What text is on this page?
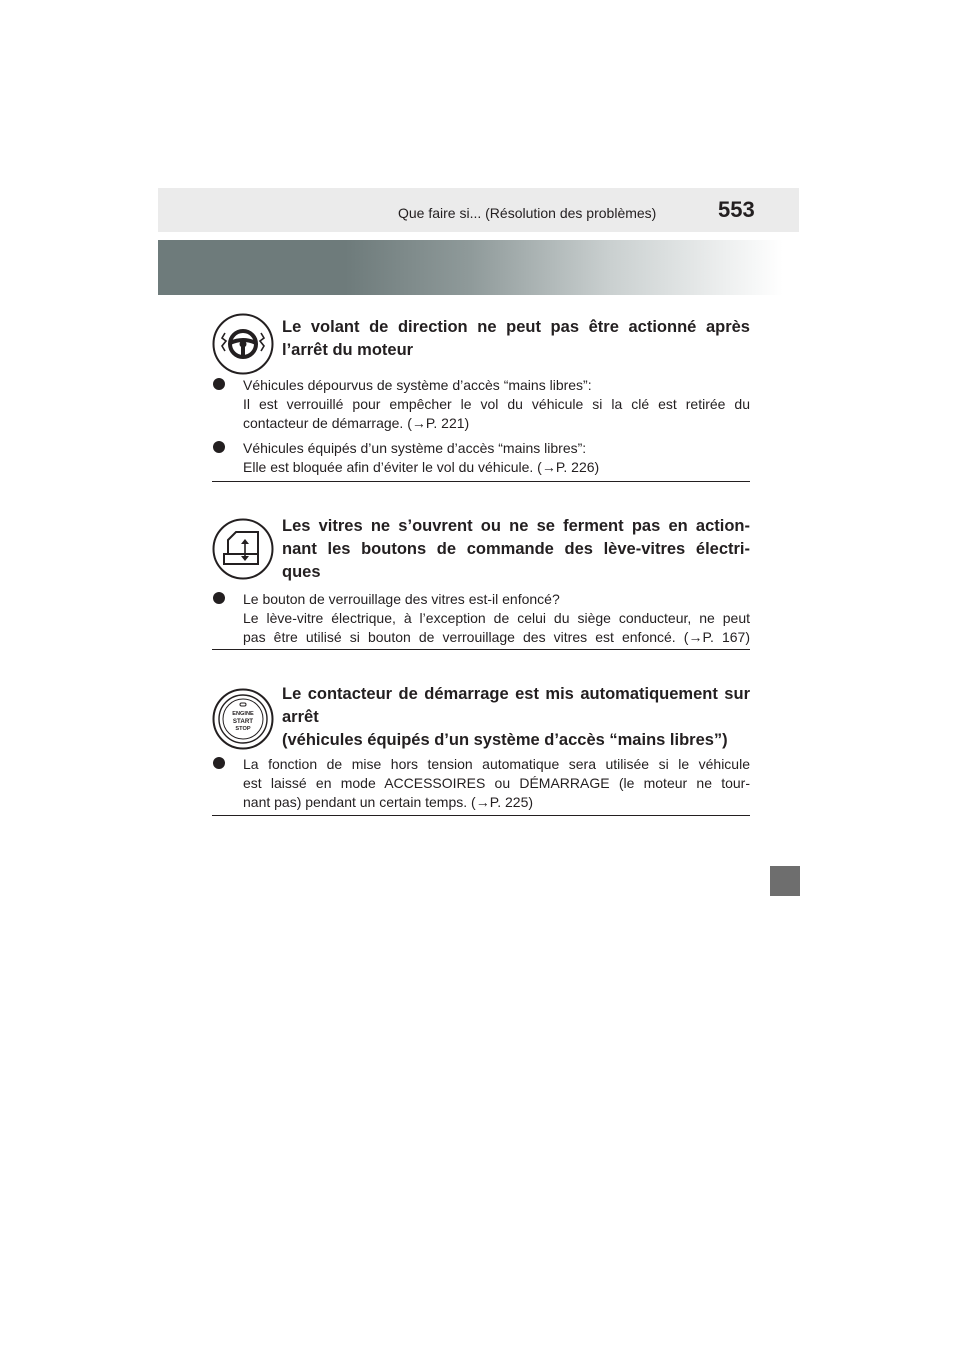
Que faire si... (Résolution des problèmes)	553
Le volant de direction ne peut pas être actionné après
l’arrêt du moteur
Véhicules dépourvus de système d’accès “mains libres”:
Il est verrouillé pour empêcher le vol du véhicule si la clé est retirée du
contacteur de démarrage. (→P. 221)
Véhicules équipés d’un système d’accès “mains libres”:
Elle est bloquée afin d’éviter le vol du véhicule. (→P. 226)
Les vitres ne s’ouvrent ou ne se ferment pas en action-
nant les boutons de commande des lève-vitres électri-
ques
Le bouton de verrouillage des vitres est-il enfoncé?
Le lève-vitre électrique, à l’exception de celui du siège conducteur, ne peut
pas être utilisé si bouton de verrouillage des vitres est enfoncé. (→P. 167)
ENGINE
START
STOP
Le contacteur de démarrage est mis automatiquement sur
arrêt
(véhicules équipés d’un système d’accès “mains libres”)
La fonction de mise hors tension automatique sera utilisée si le véhicule
est laissé en mode ACCESSOIRES ou DÉMARRAGE (le moteur ne tour-
nant pas) pendant un certain temps. (→P. 225)
